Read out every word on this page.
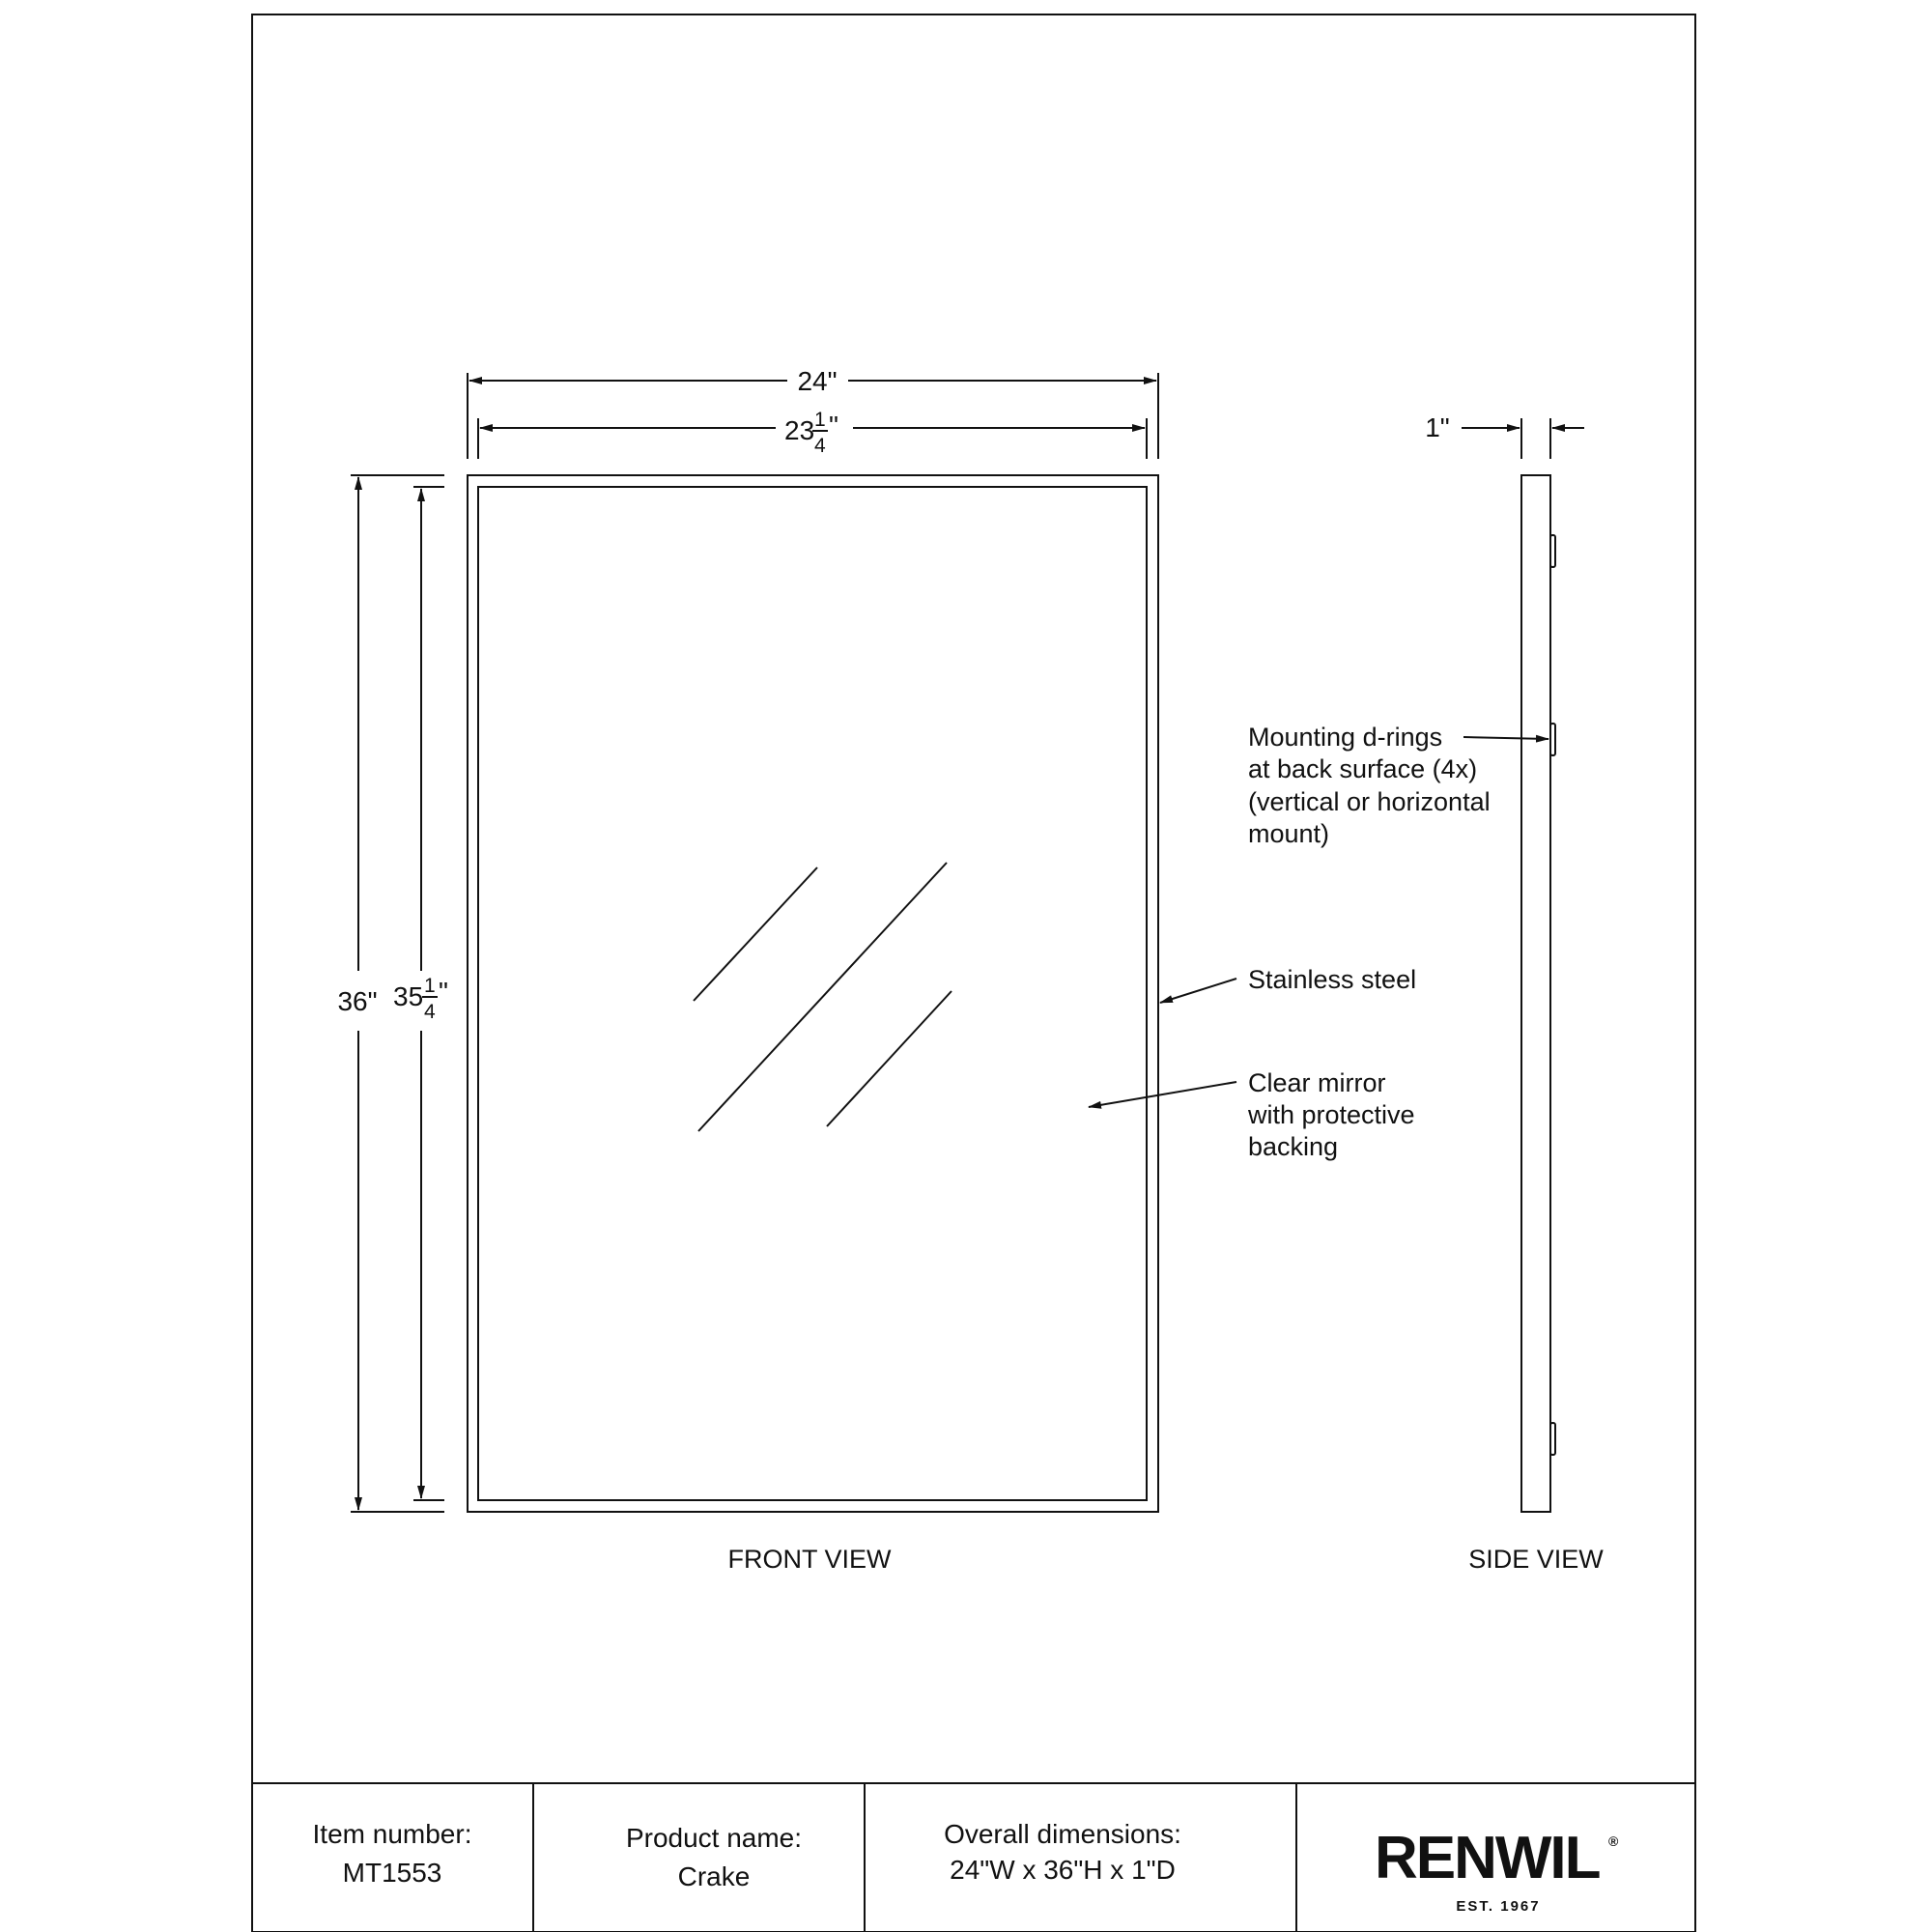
24"
23 1
4
"
36" 35 1
4
"
FRONT VIEW
1"
SIDE VIEW
Mounting d-rings
at back surface (4x)
(vertical or horizontal
mount)
Stainless steel
Clear mirror
with protective
backing
Item number:
MT1553
Product name:
Crake
Overall dimensions:
24"W x 36"H x 1"D	RENWIL ®
EST. 1967
